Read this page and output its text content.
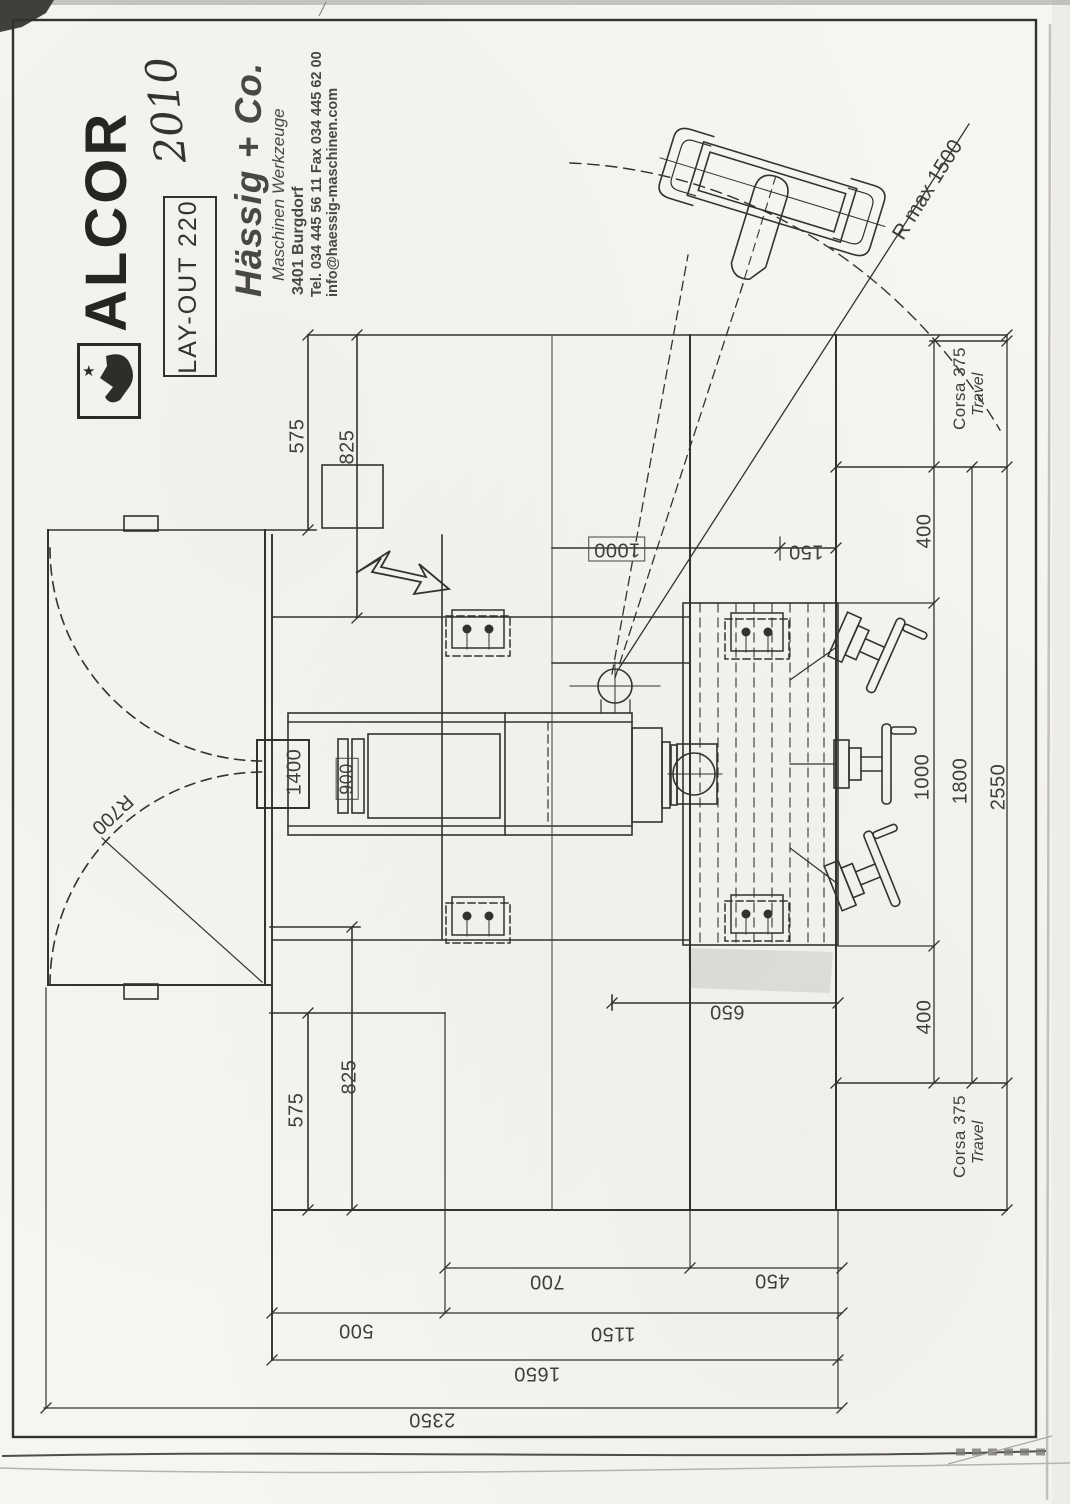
ALCOR
★
2010
LAY-OUT 220 Hässig + Co. Maschinen Werkzeuge 3401 Burgdorf Tel. 034 445 56 11 Fax 034 445 62 00 info@haessig-maschinen.com	R max 1500
R700
Corsa 375 Travel
Corsa 375 Travel
575 825
1000	150
1400 900
400
1000 1800 2550
400
650
575
825
700	450
500	1150
1650
2350
